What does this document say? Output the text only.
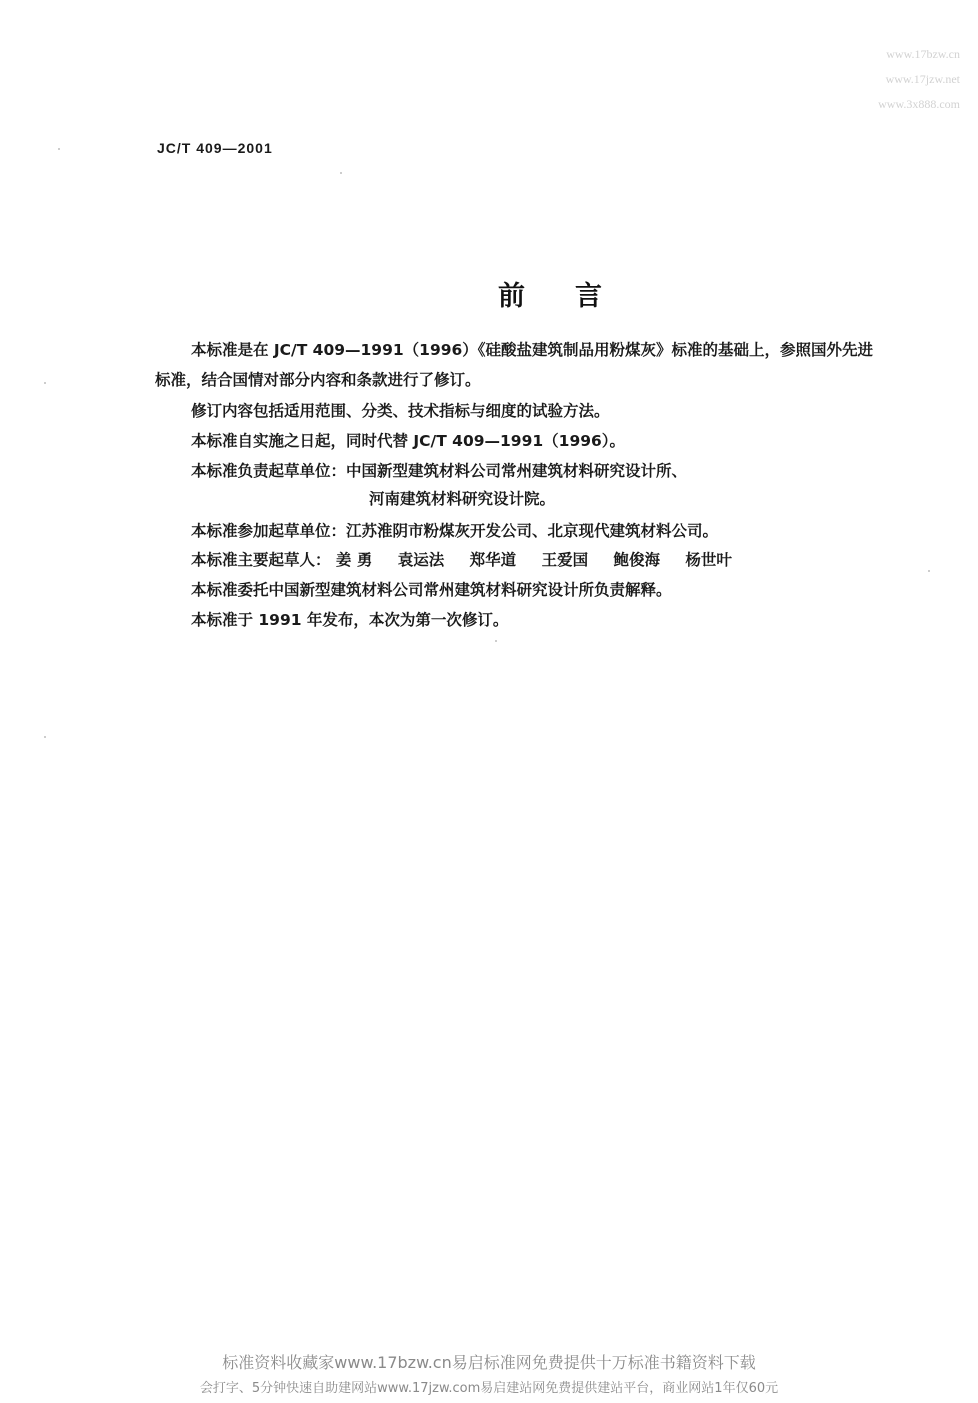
www.17bzw.cn
www.17jzw.net
www.3x888.com
JC/T 409—2001
前言
本标准是在 JC/T 409—1991（1996）《硅酸盐建筑制品用粉煤灰》标准的基础上，参照国外先进
标准，结合国情对部分内容和条款进行了修订。
修订内容包括适用范围、分类、技术指标与细度的试验方法。
本标准自实施之日起，同时代替 JC/T 409—1991（1996）。
本标准负责起草单位：中国新型建筑材料公司常州建筑材料研究设计所、
河南建筑材料研究设计院。
本标准参加起草单位：江苏淮阴市粉煤灰开发公司、北京现代建筑材料公司。
本标准主要起草人： 姜 勇 袁运法 郑华道 王爱国 鲍俊海 杨世叶
本标准委托中国新型建筑材料公司常州建筑材料研究设计所负责解释。
本标准于 1991 年发布，本次为第一次修订。
标准资料收藏家www.17bzw.cn易启标准网免费提供十万标准书籍资料下载
会打字、5分钟快速自助建网站www.17jzw.com易启建站网免费提供建站平台，商业网站1年仅60元
